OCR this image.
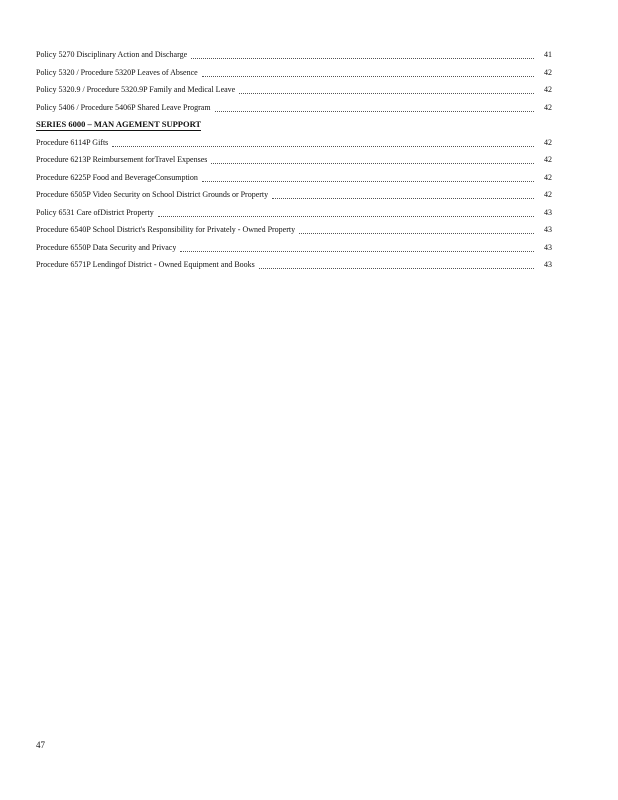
Policy 5270 Disciplinary Action and Discharge	41
Policy 5320 / Procedure 5320P Leaves of Absence	42
Policy 5320.9 / Procedure 5320.9P Family and Medical Leave	42
Policy 5406 / Procedure 5406P Shared Leave Program	42
SERIES 6000 – MAN AGEMENT SUPPORT
Procedure 6114P Gifts	42
Procedure 6213P Reimbursement forTravel Expenses	42
Procedure 6225P Food and BeverageConsumption	42
Procedure 6505P Video Security on School District Grounds or Property	42
Policy 6531 Care ofDistrict Property	43
Procedure 6540P School District's Responsibility for Privately - Owned Property	43
Procedure 6550P Data Security and Privacy	43
Procedure 6571P Lendingof District - Owned Equipment and Books	43
47
